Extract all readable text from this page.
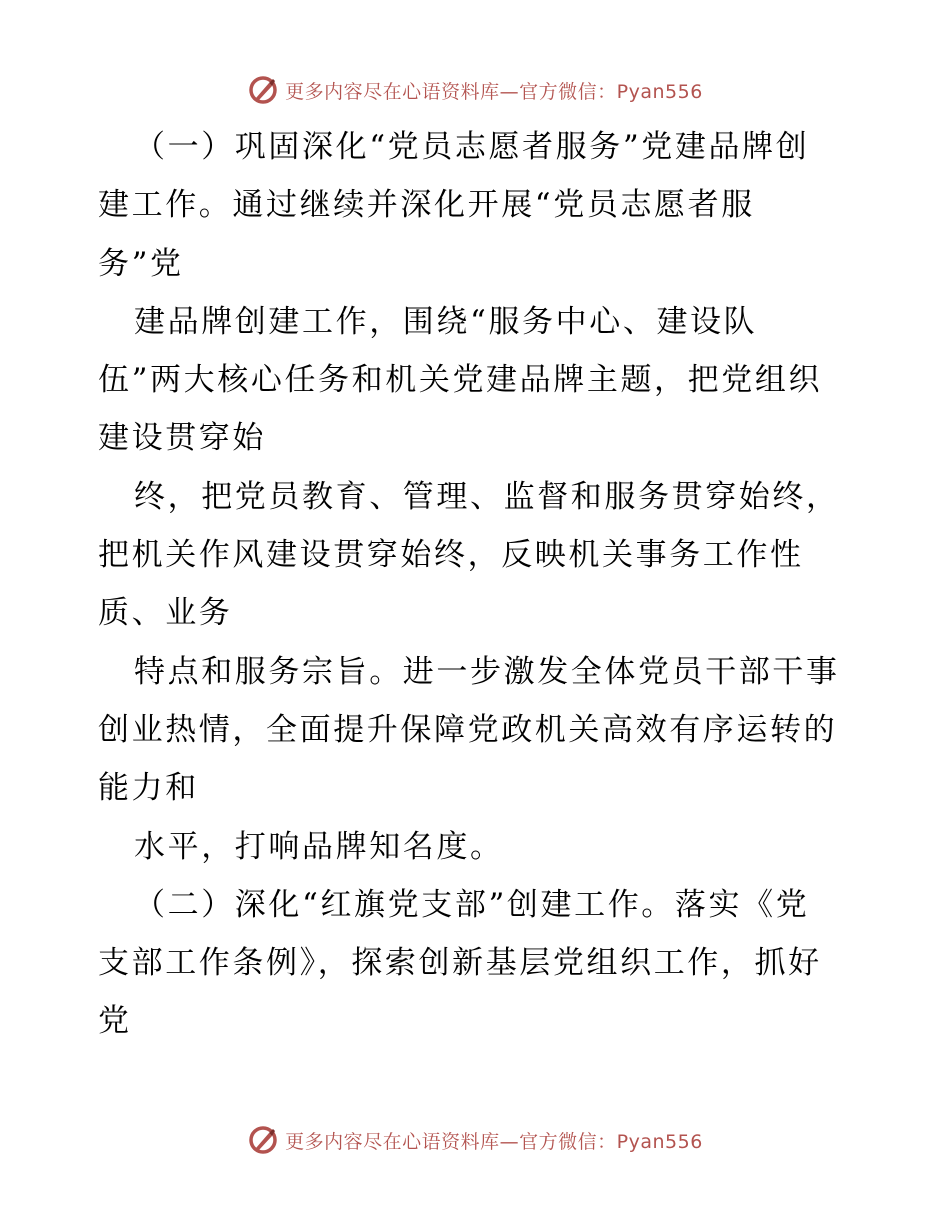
更多内容尽在心语资料库—官方微信：Pyan556
（一）巩固深化“党员志愿者服务”党建品牌创
建工作。通过继续并深化开展“党员志愿者服
务”党
建品牌创建工作，围绕“服务中心、建设队
伍”两大核心任务和机关党建品牌主题，把党组织
建设贯穿始
终，把党员教育、管理、监督和服务贯穿始终，
把机关作风建设贯穿始终，反映机关事务工作性
质、业务
特点和服务宗旨。进一步激发全体党员干部干事
创业热情，全面提升保障党政机关高效有序运转的
能力和
水平，打响品牌知名度。
（二）深化“红旗党支部”创建工作。落实《党
支部工作条例》，探索创新基层党组织工作，抓好
党
更多内容尽在心语资料库—官方微信：Pyan556
